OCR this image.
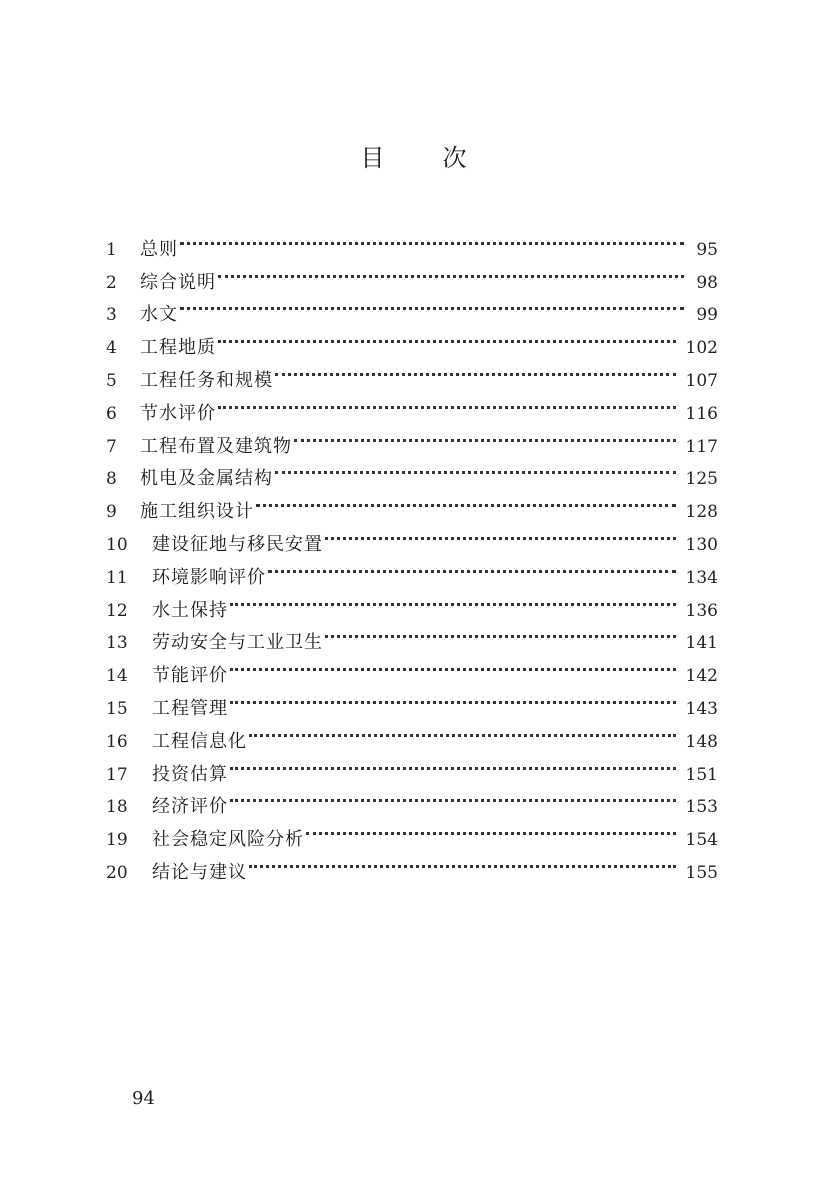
目 次
1	总则	95
2	综合说明	98
3	水文	99
4	工程地质	102
5	工程任务和规模	107
6	节水评价	116
7	工程布置及建筑物	117
8	机电及金属结构	125
9	施工组织设计	128
10	建设征地与移民安置	130
11	环境影响评价	134
12	水土保持	136
13	劳动安全与工业卫生	141
14	节能评价	142
15	工程管理	143
16	工程信息化	148
17	投资估算	151
18	经济评价	153
19	社会稳定风险分析	154
20	结论与建议	155
94
